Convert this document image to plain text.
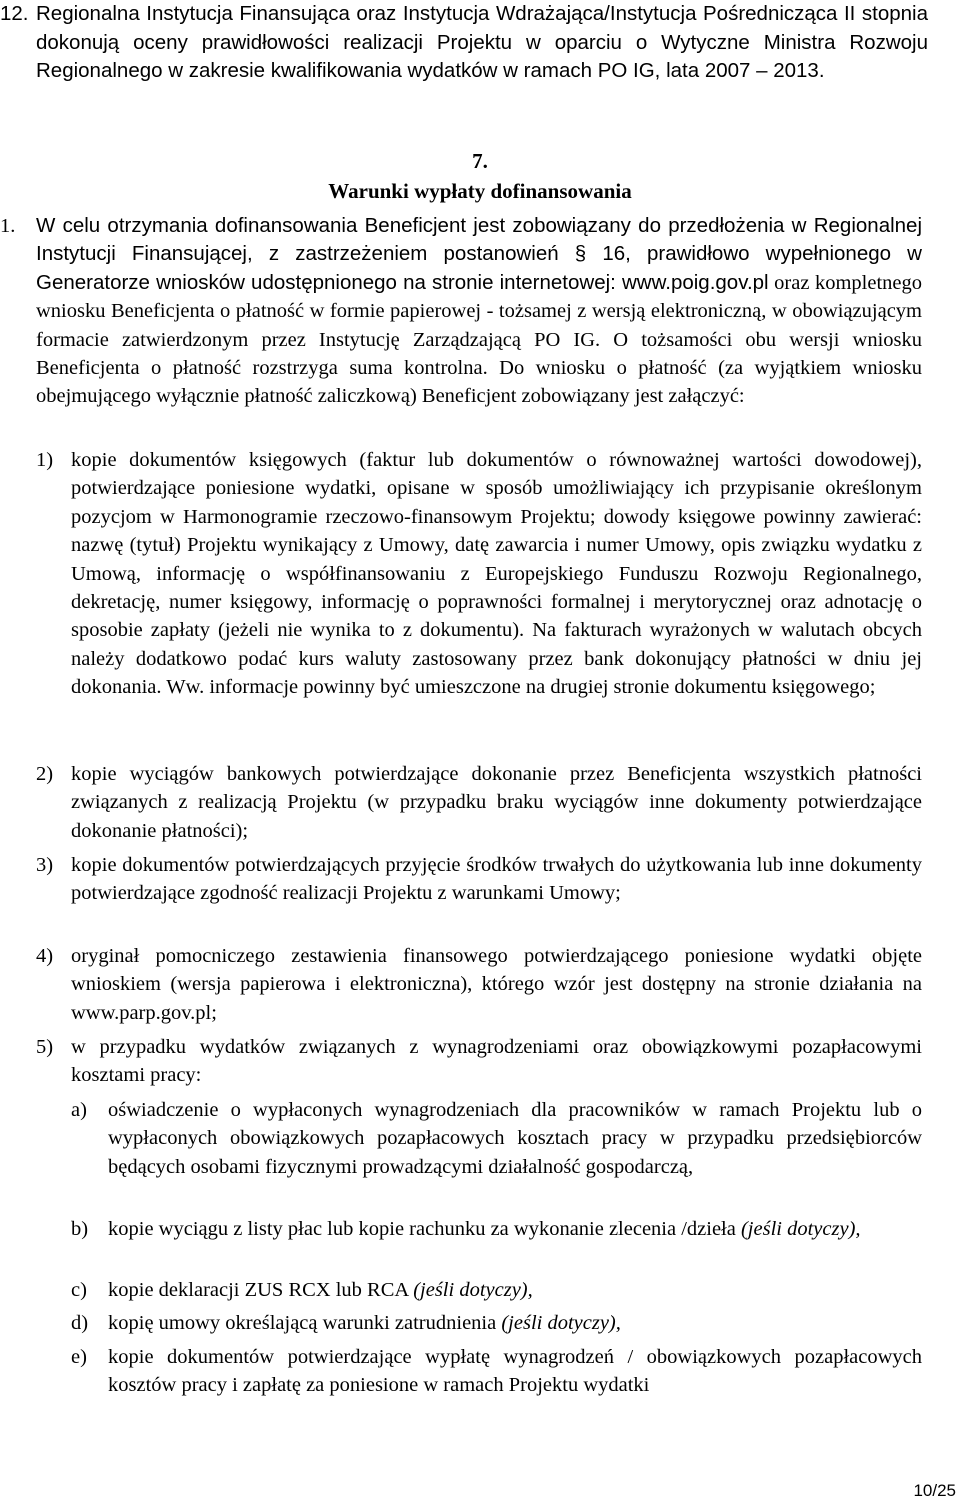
12. Regionalna Instytucja Finansująca oraz Instytucja Wdrażająca/Instytucja Pośrednicząca II stopnia dokonują oceny prawidłowości realizacji Projektu w oparciu o Wytyczne Ministra Rozwoju Regionalnego w zakresie kwalifikowania wydatków w ramach PO IG, lata 2007 – 2013.
7.
Warunki wypłaty dofinansowania
1. W celu otrzymania dofinansowania Beneficjent jest zobowiązany do przedłożenia w Regionalnej Instytucji Finansującej, z zastrzeżeniem postanowień § 16, prawidłowo wypełnionego w Generatorze wniosków udostępnionego na stronie internetowej: www.poig.gov.pl oraz kompletnego wniosku Beneficjenta o płatność w formie papierowej - tożsamej z wersją elektroniczną, w obowiązującym formacie zatwierdzonym przez Instytucję Zarządzającą PO IG. O tożsamości obu wersji wniosku Beneficjenta o płatność rozstrzyga suma kontrolna. Do wniosku o płatność (za wyjątkiem wniosku obejmującego wyłącznie płatność zaliczkową) Beneficjent zobowiązany jest załączyć:
1) kopie dokumentów księgowych (faktur lub dokumentów o równoważnej wartości dowodowej), potwierdzające poniesione wydatki, opisane w sposób umożliwiający ich przypisanie określonym pozycjom w Harmonogramie rzeczowo-finansowym Projektu; dowody księgowe powinny zawierać: nazwę (tytuł) Projektu wynikający z Umowy, datę zawarcia i numer Umowy, opis związku wydatku z Umową, informację o współfinansowaniu z Europejskiego Funduszu Rozwoju Regionalnego, dekretację, numer księgowy, informację o poprawności formalnej i merytorycznej oraz adnotację o sposobie zapłaty (jeżeli nie wynika to z dokumentu). Na fakturach wyrażonych w walutach obcych należy dodatkowo podać kurs waluty zastosowany przez bank dokonujący płatności w dniu jej dokonania. Ww. informacje powinny być umieszczone na drugiej stronie dokumentu księgowego;
2) kopie wyciągów bankowych potwierdzające dokonanie przez Beneficjenta wszystkich płatności związanych z realizacją Projektu (w przypadku braku wyciągów inne dokumenty potwierdzające dokonanie płatności);
3) kopie dokumentów potwierdzających przyjęcie środków trwałych do użytkowania lub inne dokumenty potwierdzające zgodność realizacji Projektu z warunkami Umowy;
4) oryginał pomocniczego zestawienia finansowego potwierdzającego poniesione wydatki objęte wnioskiem (wersja papierowa i elektroniczna), którego wzór jest dostępny na stronie działania na www.parp.gov.pl;
5) w przypadku wydatków związanych z wynagrodzeniami oraz obowiązkowymi pozapłacowymi kosztami pracy:
a) oświadczenie o wypłaconych wynagrodzeniach dla pracowników w ramach Projektu lub o wypłaconych obowiązkowych pozapłacowych kosztach pracy w przypadku przedsiębiorców będących osobami fizycznymi prowadzącymi działalność gospodarczą,
b) kopie wyciągu z listy płac lub kopie rachunku za wykonanie zlecenia /dzieła (jeśli dotyczy),
c) kopie deklaracji ZUS RCX lub RCA (jeśli dotyczy),
d) kopię umowy określającą warunki zatrudnienia (jeśli dotyczy),
e) kopie dokumentów potwierdzające wypłatę wynagrodzeń / obowiązkowych pozapłacowych kosztów pracy i zapłatę za poniesione w ramach Projektu wydatki
10/25
